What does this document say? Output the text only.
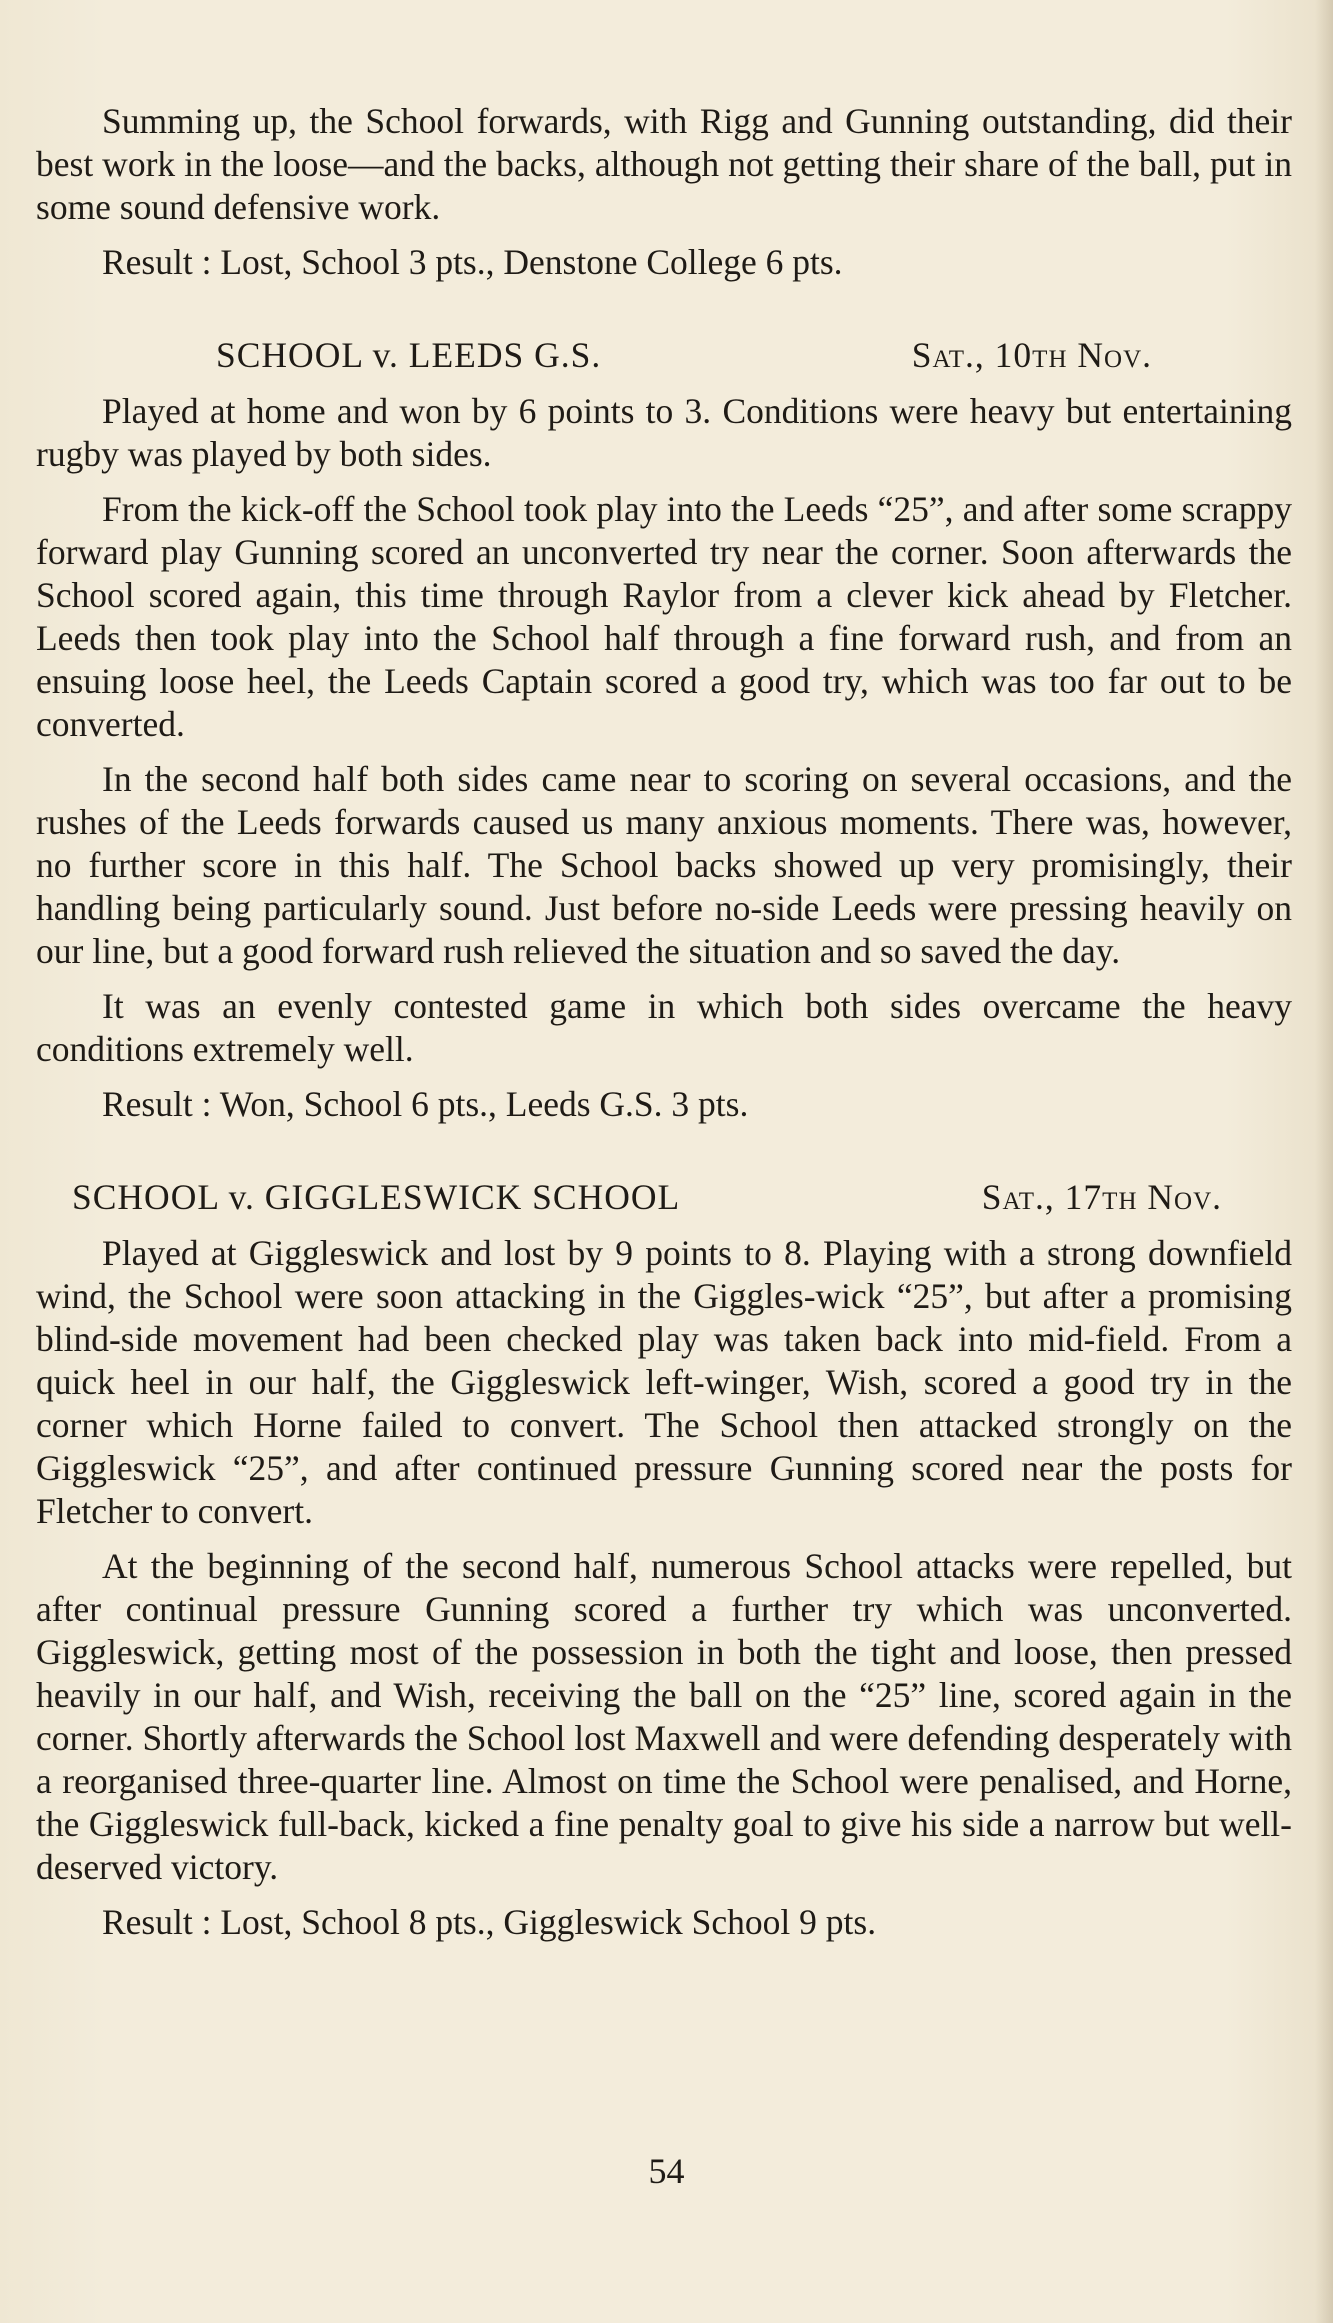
Summing up, the School forwards, with Rigg and Gunning outstanding, did their best work in the loose—and the backs, although not getting their share of the ball, put in some sound defensive work.

Result : Lost, School 3 pts., Denstone College 6 pts.

SCHOOL v. LEEDS G.S.	Sat., 10th Nov.

Played at home and won by 6 points to 3. Conditions were heavy but entertaining rugby was played by both sides.

From the kick-off the School took play into the Leeds “25”, and after some scrappy forward play Gunning scored an unconverted try near the corner. Soon afterwards the School scored again, this time through Raylor from a clever kick ahead by Fletcher. Leeds then took play into the School half through a fine forward rush, and from an ensuing loose heel, the Leeds Captain scored a good try, which was too far out to be converted.

In the second half both sides came near to scoring on several occasions, and the rushes of the Leeds forwards caused us many anxious moments. There was, however, no further score in this half. The School backs showed up very promisingly, their handling being particularly sound. Just before no-side Leeds were pressing heavily on our line, but a good forward rush relieved the situation and so saved the day.

It was an evenly contested game in which both sides overcame the heavy conditions extremely well.

Result : Won, School 6 pts., Leeds G.S. 3 pts.

SCHOOL v. GIGGLESWICK SCHOOL	Sat., 17th Nov.

Played at Giggleswick and lost by 9 points to 8. Playing with a strong downfield wind, the School were soon attacking in the Giggles-wick “25”, but after a promising blind-side movement had been checked play was taken back into mid-field. From a quick heel in our half, the Giggleswick left-winger, Wish, scored a good try in the corner which Horne failed to convert. The School then attacked strongly on the Giggleswick “25”, and after continued pressure Gunning scored near the posts for Fletcher to convert.

At the beginning of the second half, numerous School attacks were repelled, but after continual pressure Gunning scored a further try which was unconverted. Giggleswick, getting most of the possession in both the tight and loose, then pressed heavily in our half, and Wish, receiving the ball on the “25” line, scored again in the corner. Shortly afterwards the School lost Maxwell and were defending desperately with a reorganised three-quarter line. Almost on time the School were penalised, and Horne, the Giggleswick full-back, kicked a fine penalty goal to give his side a narrow but well-deserved victory.

Result : Lost, School 8 pts., Giggleswick School 9 pts.

54
